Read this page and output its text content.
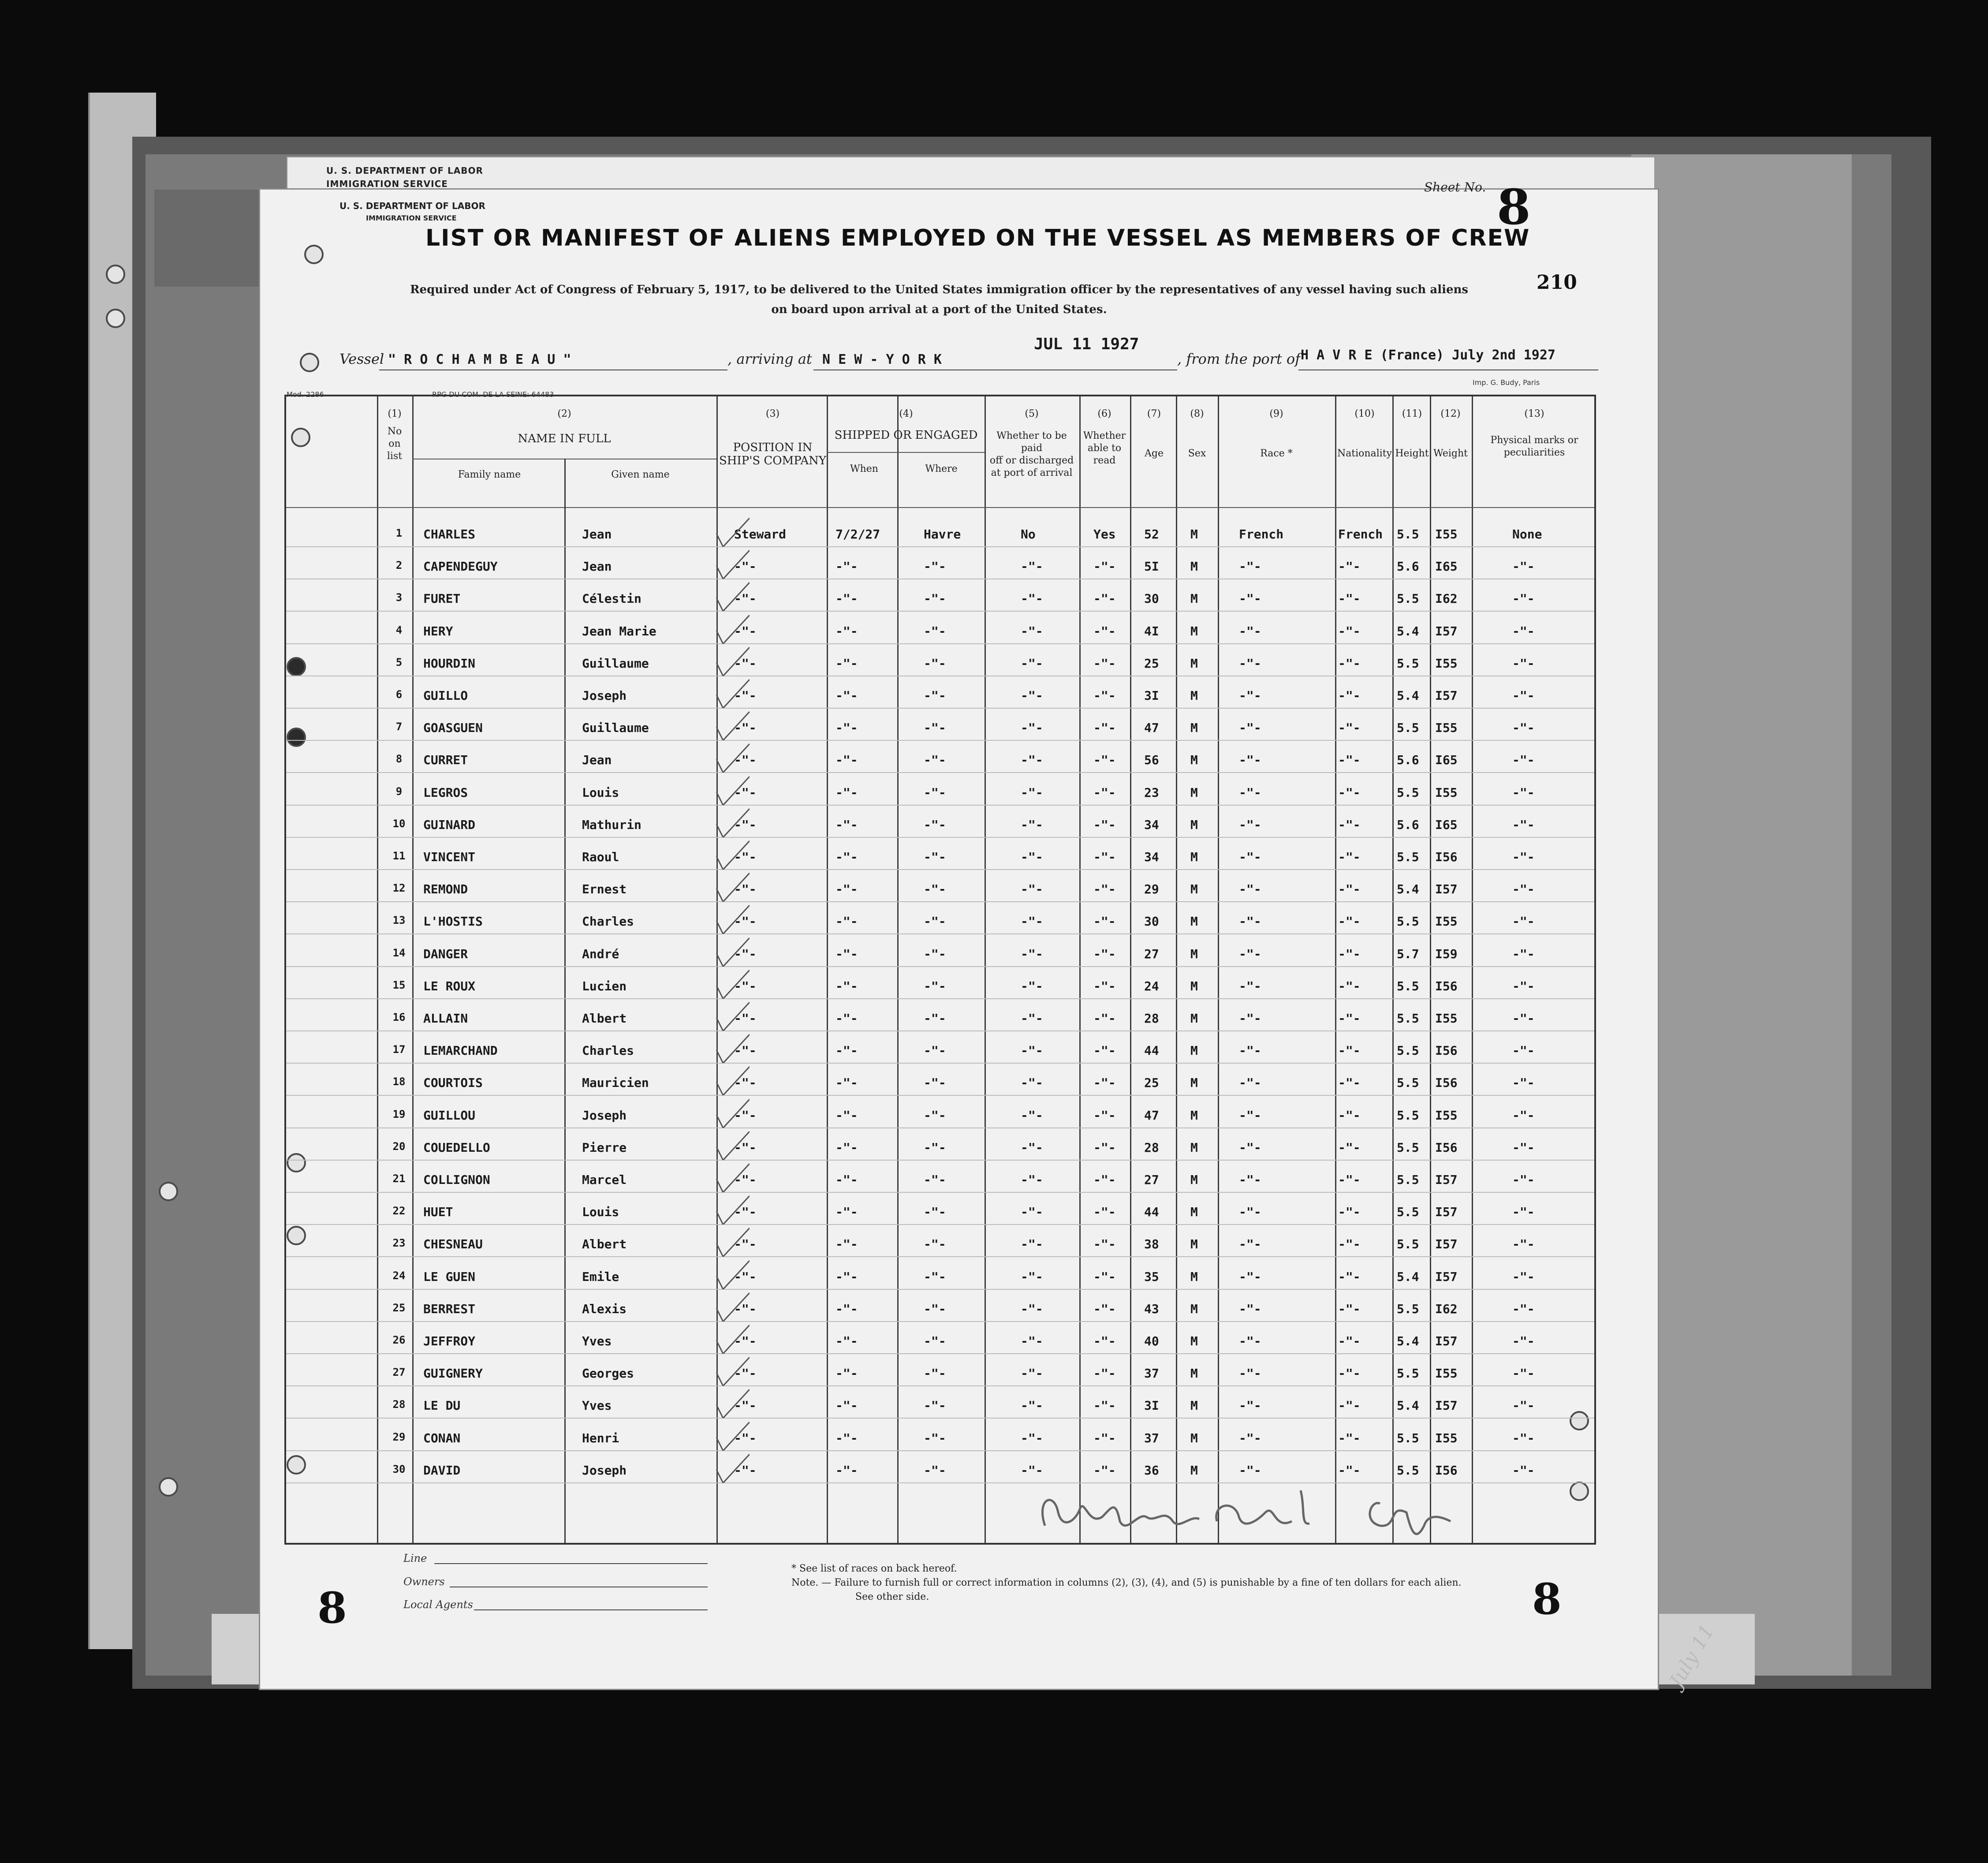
U. S. DEPARTMENT OF LABOR
IMMIGRATION SERVICE
U. S. DEPARTMENT OF LABOR
IMMIGRATION SERVICE
Sheet No. 8
LIST OR MANIFEST OF ALIENS EMPLOYED ON THE VESSEL AS MEMBERS OF CREW
210
Required under Act of Congress of February 5, 1917, to be delivered to the United States immigration officer by the representatives of any vessel having such aliens
on board upon arrival at a port of the United States.
Vessel " R O C H A M B E A U "	, arriving at N E W - Y O R K
JUL 11 1927
, from the port of H A V R E (France) July 2nd 1927
Mod. 2286	RPG DU COM. DE LA SEINE: 64483
Imp. G. Budy, Paris
(1)
No
on
list
(2)
NAME IN FULL
Family name	Given name
(3)
POSITION IN
SHIP'S COMPANY
(4)
SHIPPED OR ENGAGED
When	Where
(5)
Whether to be paid
off or discharged
at port of arrival
(6)
Whether
able to
read
(7)
Age
(8)
Sex
(9)
Race *
(10)
Nationality
(11)
Height
(12)
Weight
(13)
Physical marks or
peculiarities
1	CHARLES	Jean	Steward	7/2/27	Havre	No	Yes 52	M	French	French 5.5 I55	None
2	CAPENDEGUY	Jean	-"-	-"-	-"-	-"-	-"- 5I	M	-"-	-"-	5.6 I65	-"-
3	FURET	Célestin	-"-	-"-	-"-	-"-	-"- 30	M	-"-	-"-	5.5 I62	-"-
4	HERY	Jean Marie	-"-	-"-	-"-	-"-	-"- 4I	M	-"-	-"-	5.4 I57	-"-
5	HOURDIN	Guillaume	-"-	-"-	-"-	-"-	-"- 25	M	-"-	-"-	5.5 I55	-"-
6	GUILLO	Joseph	-"-	-"-	-"-	-"-	-"- 3I	M	-"-	-"-	5.4 I57	-"-
7	GOASGUEN	Guillaume	-"-	-"-	-"-	-"-	-"- 47	M	-"-	-"-	5.5 I55	-"-
8	CURRET	Jean	-"-	-"-	-"-	-"-	-"- 56	M	-"-	-"-	5.6 I65	-"-
9	LEGROS	Louis	-"-	-"-	-"-	-"-	-"- 23	M	-"-	-"-	5.5 I55	-"-
10	GUINARD	Mathurin	-"-	-"-	-"-	-"-	-"- 34	M	-"-	-"-	5.6 I65	-"-
11	VINCENT	Raoul	-"-	-"-	-"-	-"-	-"- 34	M	-"-	-"-	5.5 I56	-"-
12	REMOND	Ernest	-"-	-"-	-"-	-"-	-"- 29	M	-"-	-"-	5.4 I57	-"-
13	L'HOSTIS	Charles	-"-	-"-	-"-	-"-	-"- 30	M	-"-	-"-	5.5 I55	-"-
14	DANGER	André	-"-	-"-	-"-	-"-	-"- 27	M	-"-	-"-	5.7 I59	-"-
15	LE ROUX	Lucien	-"-	-"-	-"-	-"-	-"- 24	M	-"-	-"-	5.5 I56	-"-
16	ALLAIN	Albert	-"-	-"-	-"-	-"-	-"- 28	M	-"-	-"-	5.5 I55	-"-
17	LEMARCHAND	Charles	-"-	-"-	-"-	-"-	-"- 44	M	-"-	-"-	5.5 I56	-"-
18	COURTOIS	Mauricien	-"-	-"-	-"-	-"-	-"- 25	M	-"-	-"-	5.5 I56	-"-
19	GUILLOU	Joseph	-"-	-"-	-"-	-"-	-"- 47	M	-"-	-"-	5.5 I55	-"-
20	COUEDELLO	Pierre	-"-	-"-	-"-	-"-	-"- 28	M	-"-	-"-	5.5 I56	-"-
21	COLLIGNON	Marcel	-"-	-"-	-"-	-"-	-"- 27	M	-"-	-"-	5.5 I57	-"-
22	HUET	Louis	-"-	-"-	-"-	-"-	-"- 44	M	-"-	-"-	5.5 I57	-"-
23	CHESNEAU	Albert	-"-	-"-	-"-	-"-	-"- 38	M	-"-	-"-	5.5 I57	-"-
24	LE GUEN	Emile	-"-	-"-	-"-	-"-	-"- 35	M	-"-	-"-	5.4 I57	-"-
25	BERREST	Alexis	-"-	-"-	-"-	-"-	-"- 43	M	-"-	-"-	5.5 I62	-"-
26	JEFFROY	Yves	-"-	-"-	-"-	-"-	-"- 40	M	-"-	-"-	5.4 I57	-"-
27	GUIGNERY	Georges	-"-	-"-	-"-	-"-	-"- 37	M	-"-	-"-	5.5 I55	-"-
28	LE DU	Yves	-"-	-"-	-"-	-"-	-"- 3I	M	-"-	-"-	5.4 I57	-"-
29	CONAN	Henri	-"-	-"-	-"-	-"-	-"- 37	M	-"-	-"-	5.5 I55	-"-
30	DAVID	Joseph	-"-	-"-	-"-	-"-	-"- 36	M	-"-	-"-	5.5 I56	-"-
Line
Owners
Local Agents
* See list of races on back hereof.
Note. — Failure to furnish full or correct information in columns (2), (3), (4), and (5) is punishable by a fine of ten dollars for each alien.
See other side.
8	8
July 11
